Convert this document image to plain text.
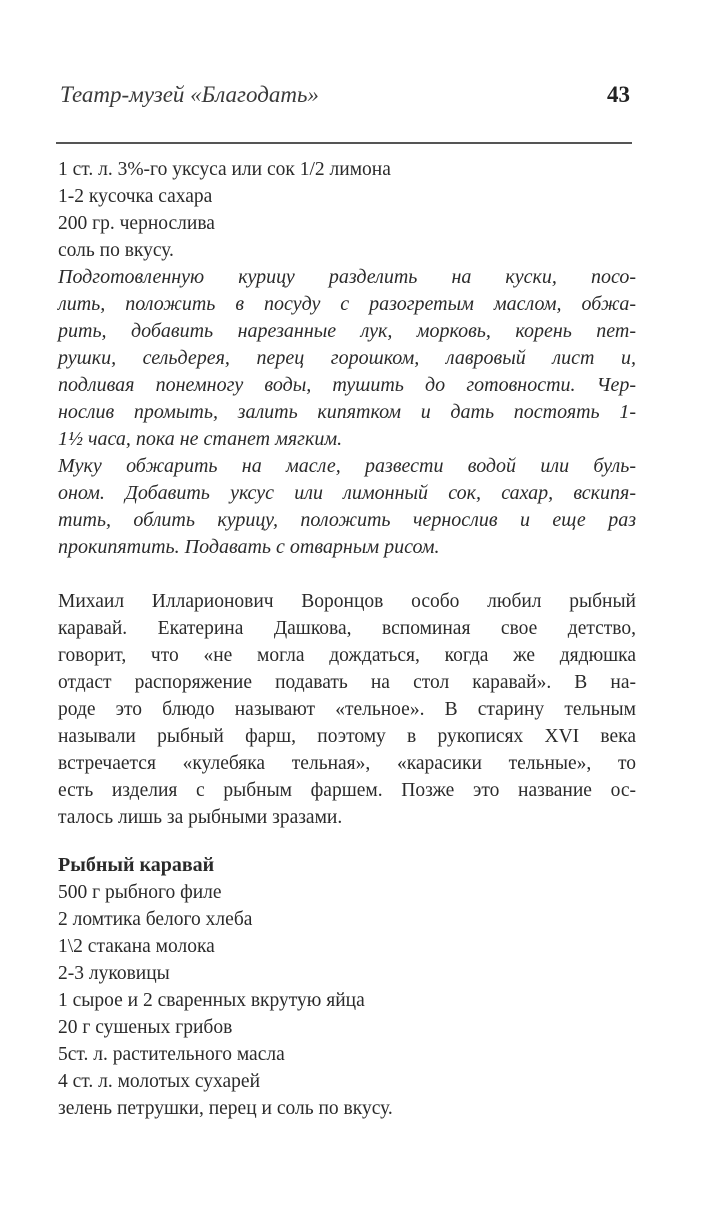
Театр-музей «Благодать»	43
1 ст. л. 3%-го уксуса или сок 1/2 лимона
1-2 кусочка сахара
200 гр. чернослива
соль по вкусу.
Подготовленную курицу разделить на куски, посо-
лить, положить в посуду с разогретым маслом, обжа-
рить, добавить нарезанные лук, морковь, корень пет-
рушки, сельдерея, перец горошком, лавровый лист и,
подливая понемногу воды, тушить до готовности. Чер-
нослив промыть, залить кипятком и дать постоять 1-
1½ часа, пока не станет мягким.
Муку обжарить на масле, развести водой или буль-
оном. Добавить уксус или лимонный сок, сахар, вскипя-
тить, облить курицу, положить чернослив и еще раз
прокипятить. Подавать с отварным рисом.
Михаил Илларионович Воронцов особо любил рыбный
каравай. Екатерина Дашкова, вспоминая свое детство,
говорит, что «не могла дождаться, когда же дядюшка
отдаст распоряжение подавать на стол каравай». В на-
роде это блюдо называют «тельное». В старину тельным
называли рыбный фарш, поэтому в рукописях XVI века
встречается «кулебяка тельная», «карасики тельные», то
есть изделия с рыбным фаршем. Позже это название ос-
талось лишь за рыбными зразами.
Рыбный каравай
500 г рыбного филе
2 ломтика белого хлеба
1\2 стакана молока
2-3 луковицы
1 сырое и 2 сваренных вкрутую яйца
20 г сушеных грибов
5ст. л. растительного масла
4 ст. л. молотых сухарей
зелень петрушки, перец и соль по вкусу.
